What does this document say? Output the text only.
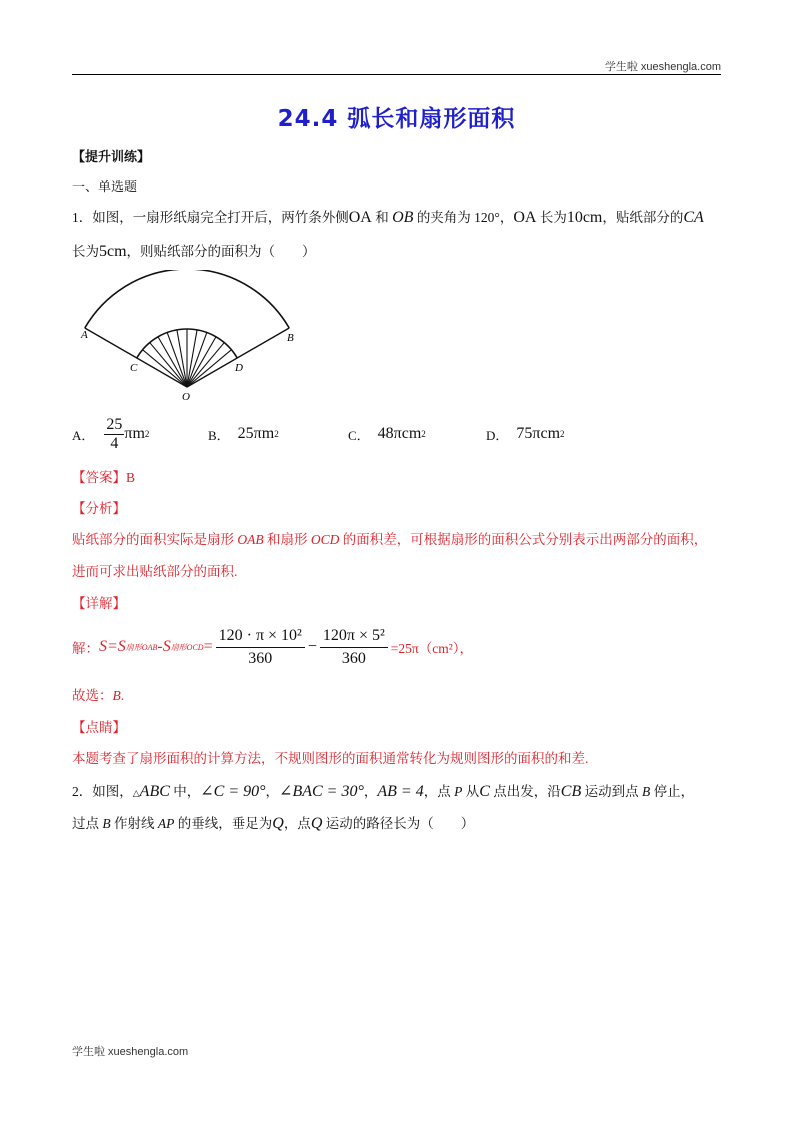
学生啦 xueshengla.com
24.4 弧长和扇形面积
【提升训练】
一、单选题
1．如图，一扇形纸扇完全打开后，两竹条外侧OA 和 OB 的夹角为 120°，OA 长为10cm，贴纸部分的CA
长为5cm，则贴纸部分的面积为（　　）
A	B
C	D
O
A． $\frac{25}{4}$ πm 2	B． 25πm 2	C． 48πcm 2	D． 75πcm 2
【答案】B
【分析】
贴纸部分的面积实际是扇形 OAB 和扇形 OCD 的面积差，可根据扇形的面积公式分别表示出两部分的面积，
进而可求出贴纸部分的面积.
【详解】
解： S=S 扇形OAB -S 扇形OCD = $\frac{\text{120 · π × 10²}}{360} - \frac{\text{120π × 5²}}{360} =25\pi(cm^2)$，
故选：B.
【点睛】
本题考查了扇形面积的计算方法，不规则图形的面积通常转化为规则图形的面积的和差.
2．如图，△ABC 中，∠C = 90°，∠BAC = 30°，AB = 4，点 P 从C 点出发，沿CB 运动到点 B 停止，
过点 B 作射线 AP 的垂线，垂足为Q，点Q 运动的路径长为（　　）
学生啦 xueshengla.com
